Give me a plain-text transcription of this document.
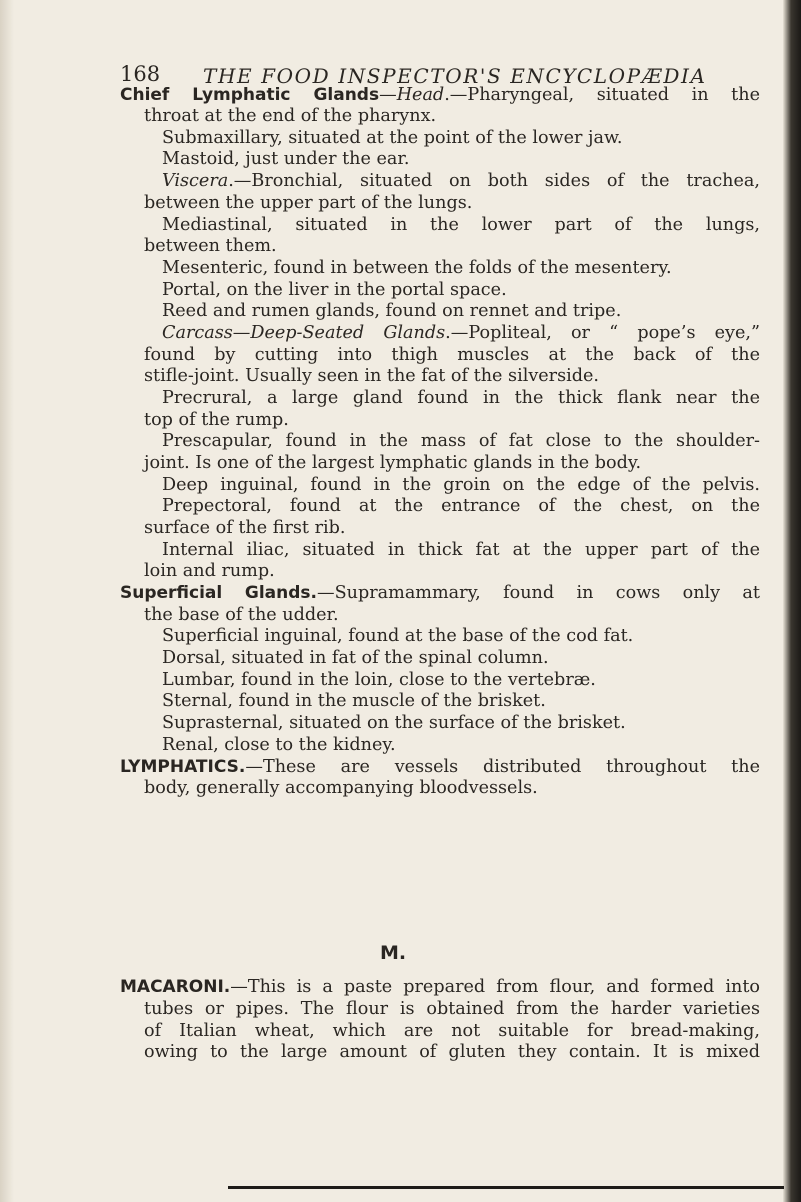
168 THE FOOD INSPECTOR'S ENCYCLOPÆDIA
Chief Lymphatic Glands—Head.—Pharyngeal, situated in the
throat at the end of the pharynx.
Submaxillary, situated at the point of the lower jaw.
Mastoid, just under the ear.
Viscera.—Bronchial, situated on both sides of the trachea,
between the upper part of the lungs.
Mediastinal, situated in the lower part of the lungs,
between them.
Mesenteric, found in between the folds of the mesentery.
Portal, on the liver in the portal space.
Reed and rumen glands, found on rennet and tripe.
Carcass—Deep-Seated Glands.—Popliteal, or “ pope’s eye,”
found by cutting into thigh muscles at the back of the
stifle-joint. Usually seen in the fat of the silverside.
Precrural, a large gland found in the thick flank near the
top of the rump.
Prescapular, found in the mass of fat close to the shoulder-
joint. Is one of the largest lymphatic glands in the body.
Deep inguinal, found in the groin on the edge of the pelvis.
Prepectoral, found at the entrance of the chest, on the
surface of the first rib.
Internal iliac, situated in thick fat at the upper part of the
loin and rump.
Superficial Glands.—Supramammary, found in cows only at
the base of the udder.
Superficial inguinal, found at the base of the cod fat.
Dorsal, situated in fat of the spinal column.
Lumbar, found in the loin, close to the vertebræ.
Sternal, found in the muscle of the brisket.
Suprasternal, situated on the surface of the brisket.
Renal, close to the kidney.
LYMPHATICS.—These are vessels distributed throughout the
body, generally accompanying bloodvessels.
MACARONI.—This is a paste prepared from flour, and formed into
tubes or pipes. The flour is obtained from the harder varieties
of Italian wheat, which are not suitable for bread-making,
owing to the large amount of gluten they contain. It is mixed
M.
